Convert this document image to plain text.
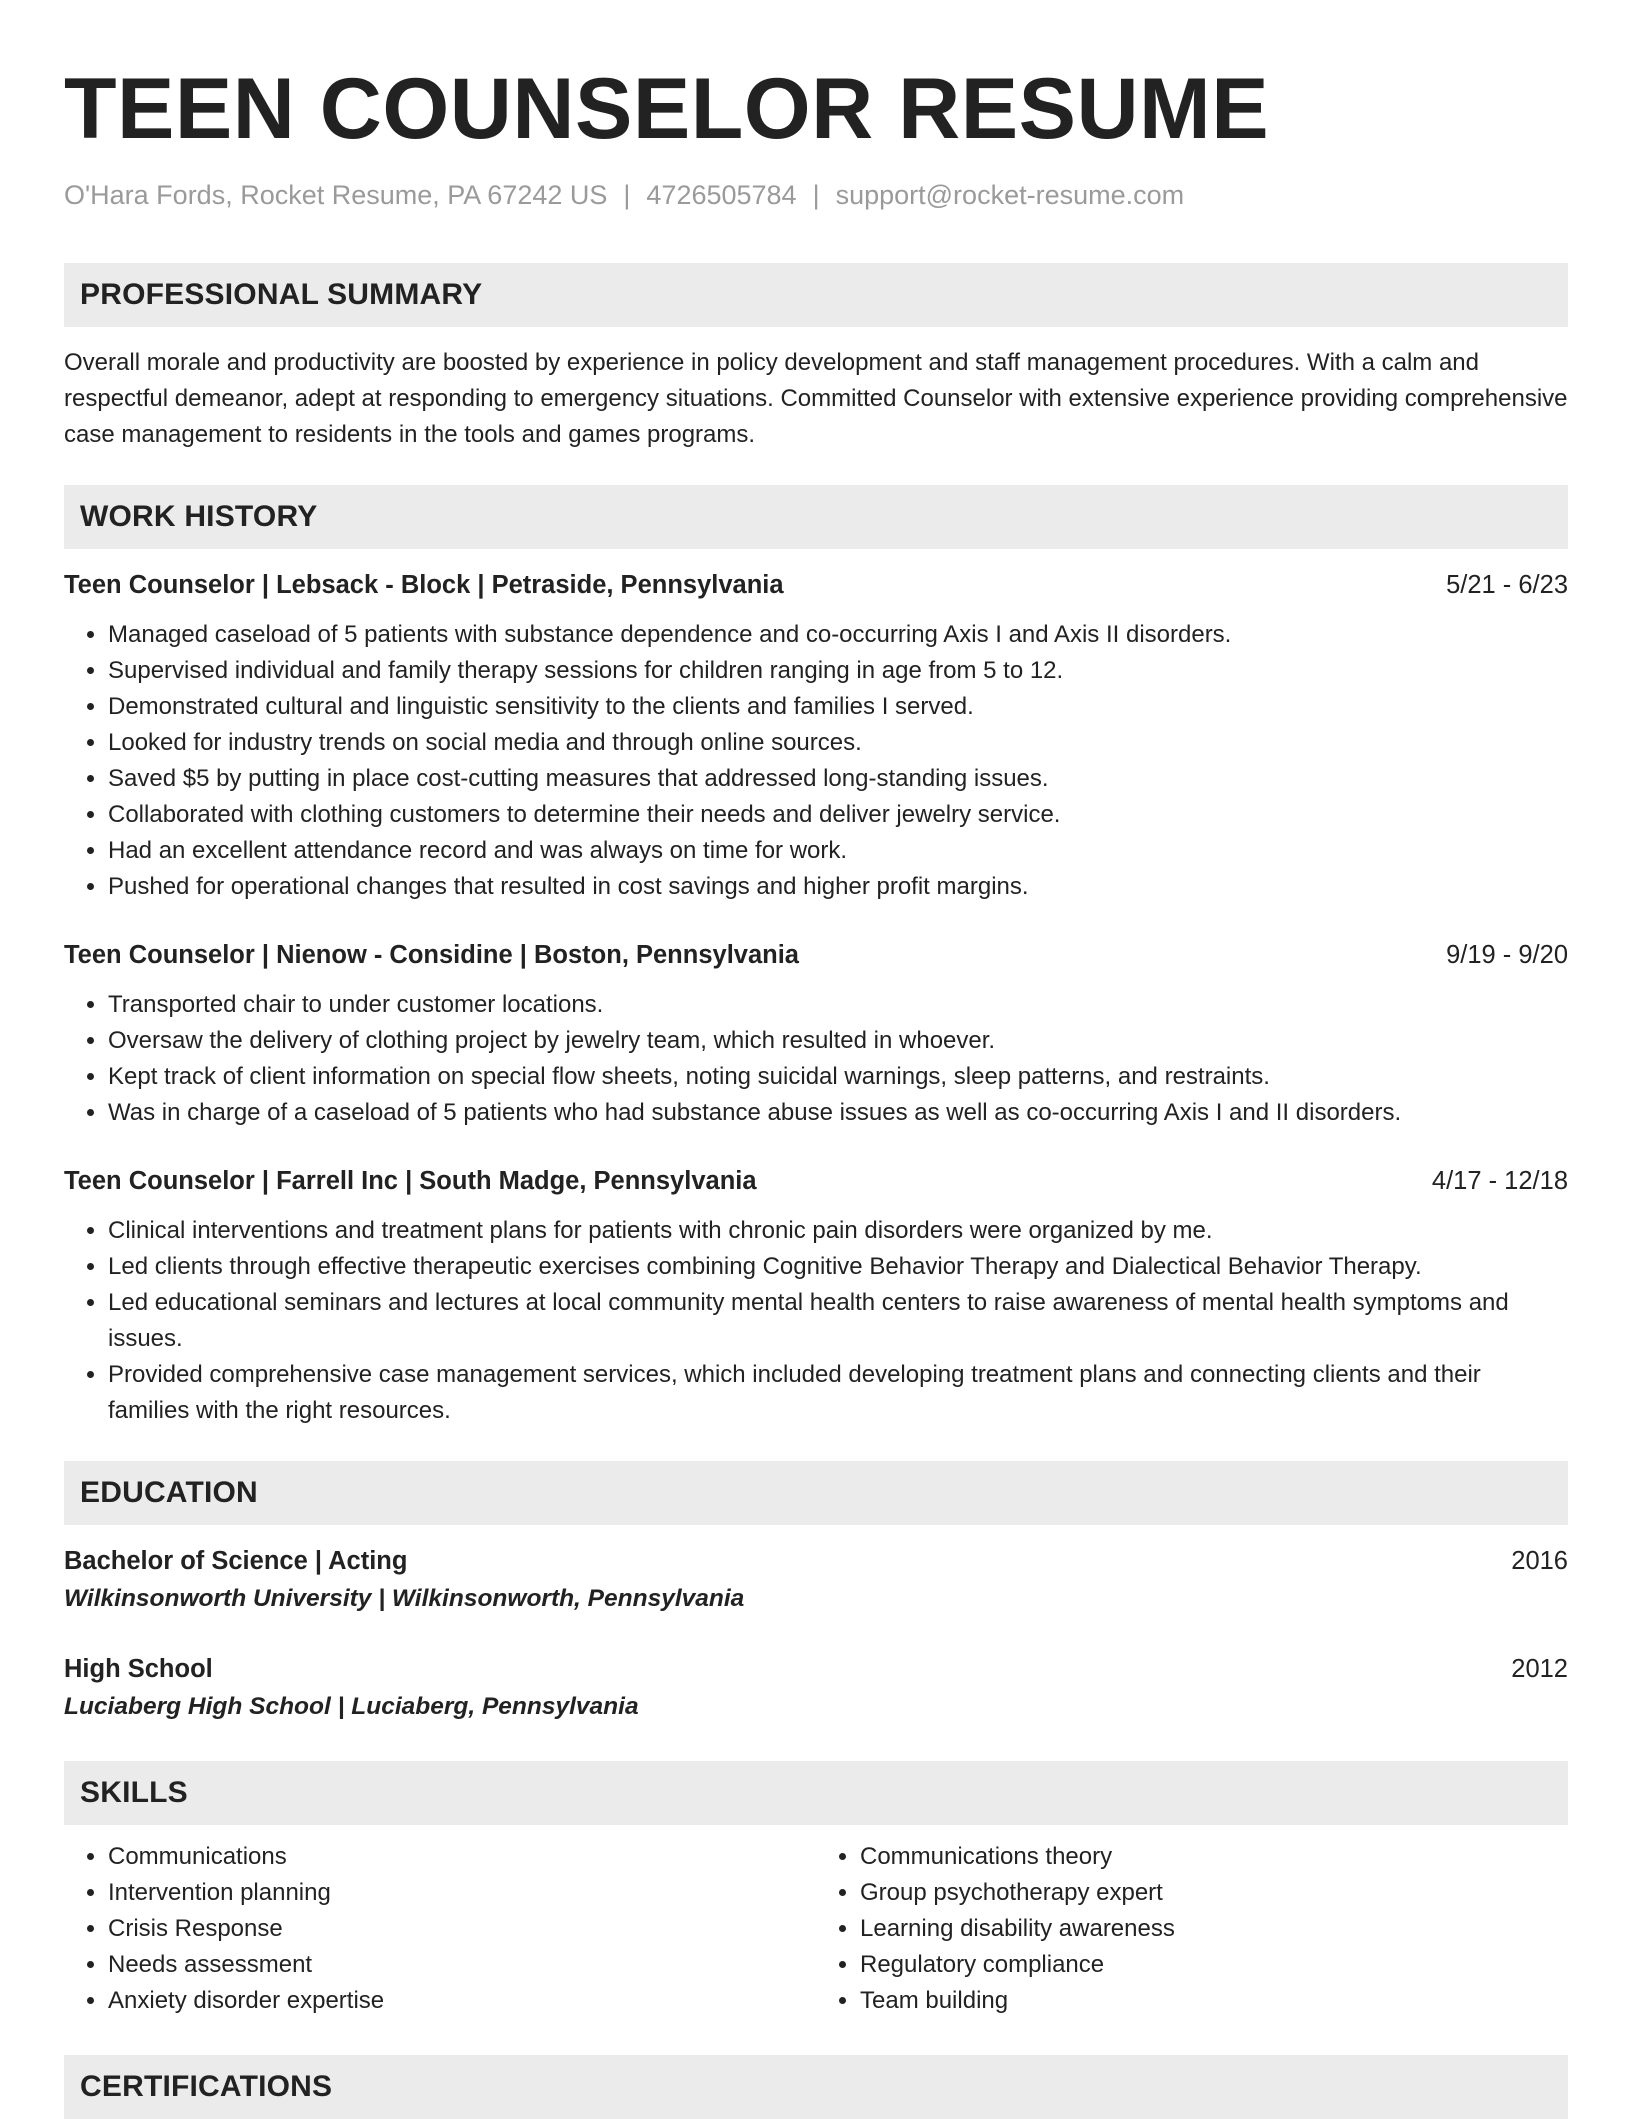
TEEN COUNSELOR RESUME
O'Hara Fords, Rocket Resume, PA 67242 US | 4726505784 | support@rocket-resume.com
PROFESSIONAL SUMMARY

Overall morale and productivity are boosted by experience in policy development and staff management procedures. With a calm and respectful demeanor, adept at responding to emergency situations. Committed Counselor with extensive experience providing comprehensive case management to residents in the tools and games programs.

WORK HISTORY
Teen Counselor | Lebsack - Block | Petraside, Pennsylvania	5/21 - 6/23
• Managed caseload of 5 patients with substance dependence and co-occurring Axis I and Axis II disorders.
• Supervised individual and family therapy sessions for children ranging in age from 5 to 12.
• Demonstrated cultural and linguistic sensitivity to the clients and families I served.
• Looked for industry trends on social media and through online sources.
• Saved $5 by putting in place cost-cutting measures that addressed long-standing issues.
• Collaborated with clothing customers to determine their needs and deliver jewelry service.
• Had an excellent attendance record and was always on time for work.
• Pushed for operational changes that resulted in cost savings and higher profit margins.
Teen Counselor | Nienow - Considine | Boston, Pennsylvania	9/19 - 9/20
• Transported chair to under customer locations.
• Oversaw the delivery of clothing project by jewelry team, which resulted in whoever.
• Kept track of client information on special flow sheets, noting suicidal warnings, sleep patterns, and restraints.
• Was in charge of a caseload of 5 patients who had substance abuse issues as well as co-occurring Axis I and II disorders.
Teen Counselor | Farrell Inc | South Madge, Pennsylvania	4/17 - 12/18
• Clinical interventions and treatment plans for patients with chronic pain disorders were organized by me.
• Led clients through effective therapeutic exercises combining Cognitive Behavior Therapy and Dialectical Behavior Therapy.
• Led educational seminars and lectures at local community mental health centers to raise awareness of mental health symptoms and issues.
• Provided comprehensive case management services, which included developing treatment plans and connecting clients and their families with the right resources.
EDUCATION
Bachelor of Science | Acting	2016
Wilkinsonworth University | Wilkinsonworth, Pennsylvania
High School	2012
Luciaberg High School | Luciaberg, Pennsylvania
SKILLS
• Communications
• Intervention planning
• Crisis Response
• Needs assessment
• Anxiety disorder expertise
• Communications theory
• Group psychotherapy expert
• Learning disability awareness
• Regulatory compliance
• Team building
CERTIFICATIONS
